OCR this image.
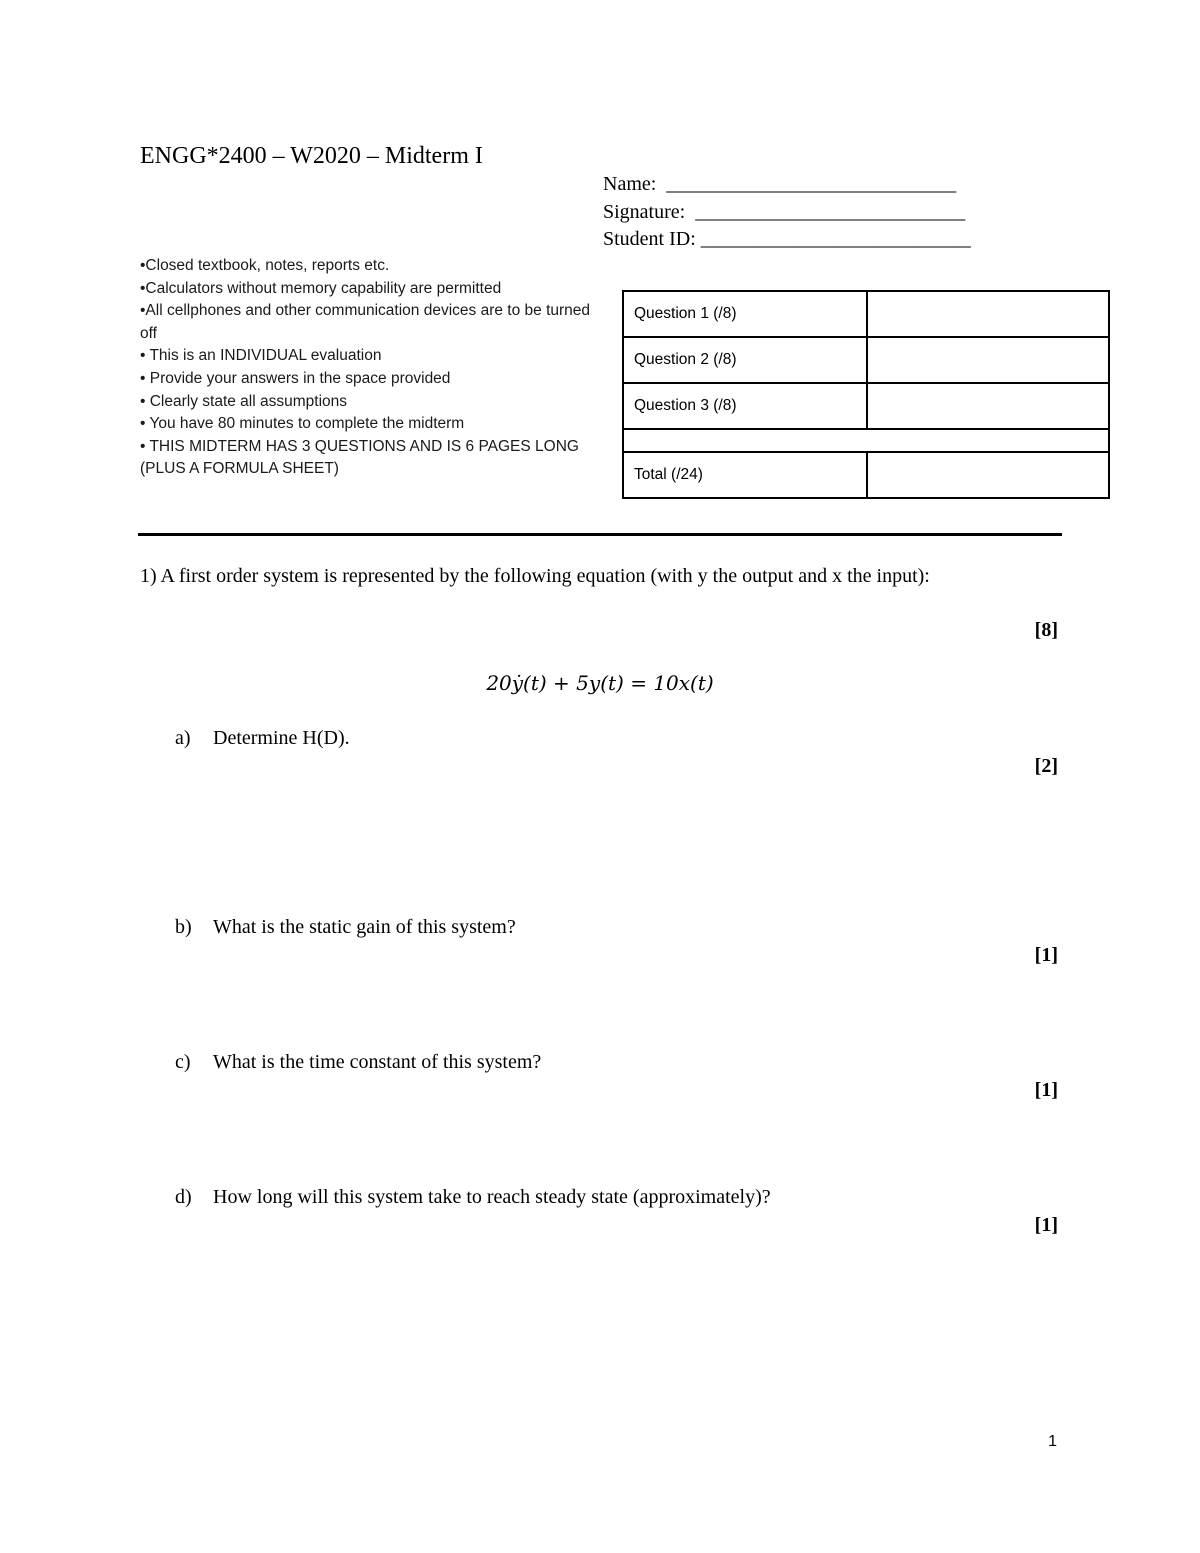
ENGG*2400 – W2020 – Midterm I
Name:  _____________________________
Signature:  ___________________________
Student ID: ___________________________
•Closed textbook, notes, reports etc.
•Calculators without memory capability are permitted
•All cellphones and other communication devices are to be turned off
• This is an INDIVIDUAL evaluation
• Provide your answers in the space provided
• Clearly state all assumptions
• You have 80 minutes to complete the midterm
• THIS MIDTERM HAS 3 QUESTIONS AND IS 6 PAGES LONG (PLUS A FORMULA SHEET)
Question 1 (/8)	
Question 2 (/8)	
Question 3 (/8)	

Total (/24)	
1) A first order system is represented by the following equation (with y the output and x the input):
[8]
20ẏ(t) + 5y(t) = 10x(t)
a) Determine H(D).
[2]
b) What is the static gain of this system?
[1]
c) What is the time constant of this system?
[1]
d) How long will this system take to reach steady state (approximately)?
[1]
1
